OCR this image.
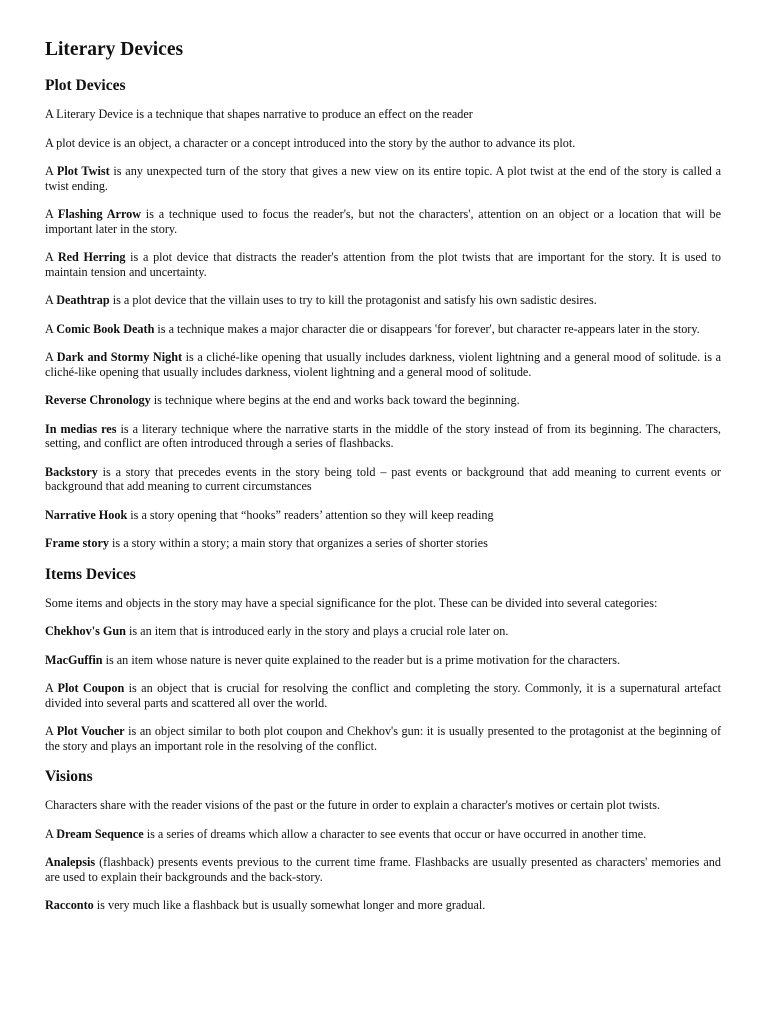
Literary Devices
Plot Devices

A Literary Device is a technique that shapes narrative to produce an effect on the reader

A plot device is an object, a character or a concept introduced into the story by the author to advance its plot.

A Plot Twist is any unexpected turn of the story that gives a new view on its entire topic. A plot twist at the end of the story is called a twist ending.

A Flashing Arrow is a technique used to focus the reader's, but not the characters', attention on an object or a location that will be important later in the story.

A Red Herring is a plot device that distracts the reader's attention from the plot twists that are important for the story. It is used to maintain tension and uncertainty.

A Deathtrap is a plot device that the villain uses to try to kill the protagonist and satisfy his own sadistic desires.

A Comic Book Death is a technique makes a major character die or disappears 'for forever', but character re-appears later in the story.

A Dark and Stormy Night is a cliché-like opening that usually includes darkness, violent lightning and a general mood of solitude. is a cliché-like opening that usually includes darkness, violent lightning and a general mood of solitude.

Reverse Chronology is technique where begins at the end and works back toward the beginning.

In medias res is a literary technique where the narrative starts in the middle of the story instead of from its beginning. The characters, setting, and conflict are often introduced through a series of flashbacks.

Backstory is a story that precedes events in the story being told – past events or background that add meaning to current events or background that add meaning to current circumstances

Narrative Hook is a story opening that “hooks” readers’ attention so they will keep reading

Frame story is a story within a story; a main story that organizes a series of shorter stories

Items Devices

Some items and objects in the story may have a special significance for the plot. These can be divided into several categories:

Chekhov's Gun is an item that is introduced early in the story and plays a crucial role later on.

MacGuffin is an item whose nature is never quite explained to the reader but is a prime motivation for the characters.

A Plot Coupon is an object that is crucial for resolving the conflict and completing the story. Commonly, it is a supernatural artefact divided into several parts and scattered all over the world.

A Plot Voucher is an object similar to both plot coupon and Chekhov's gun: it is usually presented to the protagonist at the beginning of the story and plays an important role in the resolving of the conflict.

Visions

Characters share with the reader visions of the past or the future in order to explain a character's motives or certain plot twists.

A Dream Sequence is a series of dreams which allow a character to see events that occur or have occurred in another time.

Analepsis (flashback) presents events previous to the current time frame. Flashbacks are usually presented as characters' memories and are used to explain their backgrounds and the back-story.

Racconto is very much like a flashback but is usually somewhat longer and more gradual.
